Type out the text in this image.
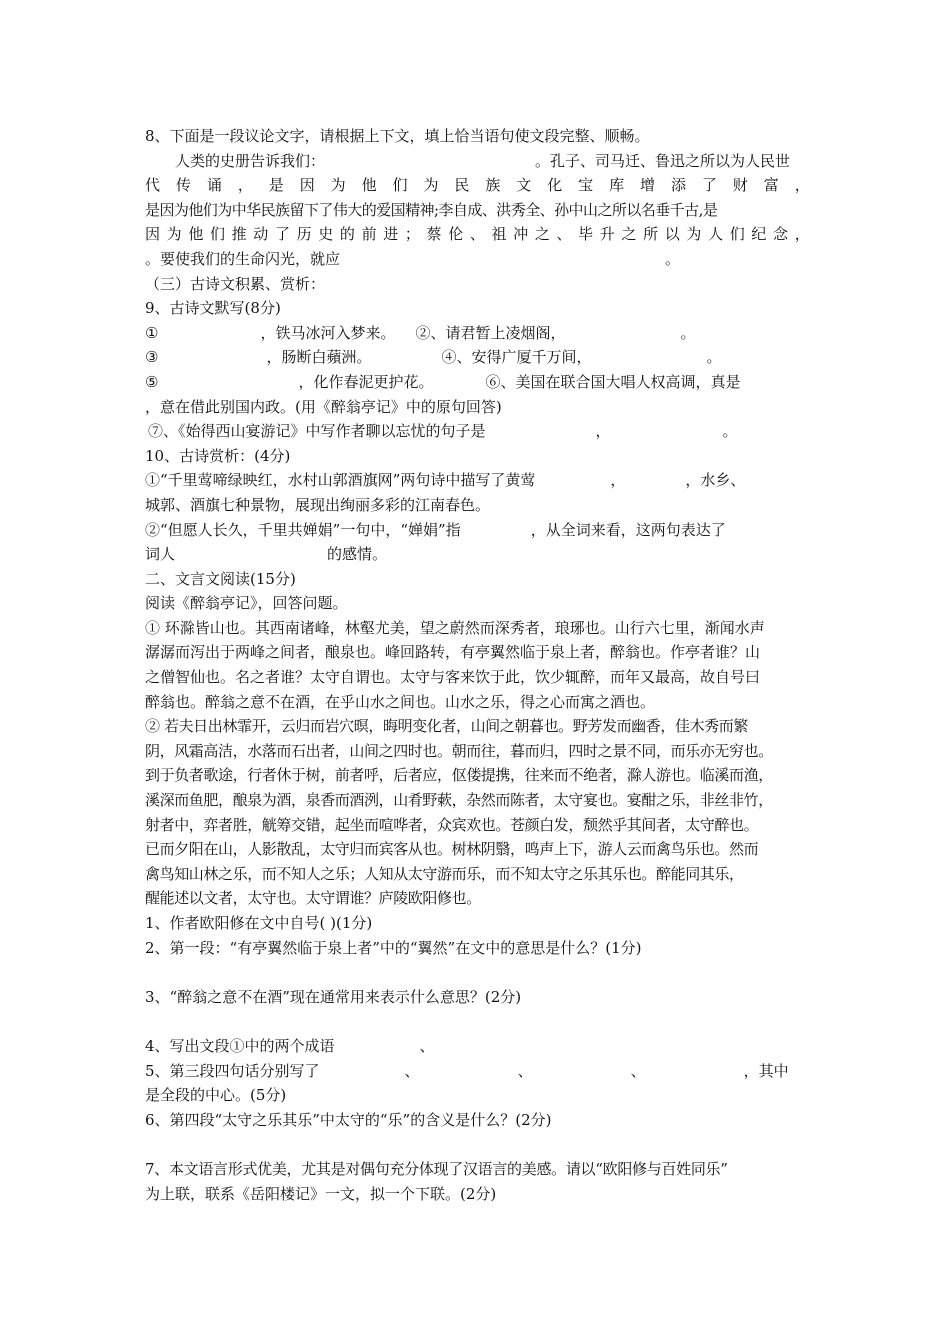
8、下面是一段议论文字，请根据上下文，填上恰当语句使文段完整、顺畅。
人类的史册告诉我们：	。孔子、司马迁、鲁迅之所以为人民世
代 传 诵 ， 是 因 为 他 们 为 民 族 文 化 宝 库 增 添 了 财 富 ，
是因为他们为中华民族留下了伟大的爱国精神;李自成、洪秀全、孙中山之所以名垂千古,是
因 为 他 们 推 动 了 历 史 的 前 进 ； 蔡 伦 、 祖 冲 之 、 毕 升 之 所 以 为 人 们 纪 念 ，
。要使我们的生命闪光，就应	。
（三）古诗文积累、赏析：
9、古诗文默写(8分)
①	，铁马冰河入梦来。 ②、请君暂上凌烟阁，	。
③	，肠断白蘋洲。	④、安得广厦千万间，	。
⑤	，化作春泥更护花。	⑥、美国在联合国大唱人权高调，真是
，意在借此别国内政。(用《醉翁亭记》中的原句回答)
⑦、《始得西山宴游记》中写作者聊以忘忧的句子是	，	。
10、古诗赏析：(4分)
①“千里莺啼绿映红，水村山郭酒旗网”两句诗中描写了黄莺	，	，水乡、
城郭、酒旗七种景物，展现出绚丽多彩的江南春色。
②“但愿人长久，千里共婵娟”一句中，“婵娟”指	，从全词来看，这两句表达了
词人	的感情。
二、文言文阅读(15分)
阅读《醉翁亭记》，回答问题。
① 环滁皆山也。其西南诸峰，林壑尤美，望之蔚然而深秀者，琅琊也。山行六七里，渐闻水声
潺潺而泻出于两峰之间者，酿泉也。峰回路转，有亭翼然临于泉上者，醉翁也。作亭者谁？山
之僧智仙也。名之者谁？太守自谓也。太守与客来饮于此，饮少辄醉，而年又最高，故自号曰
醉翁也。醉翁之意不在酒，在乎山水之间也。山水之乐，得之心而寓之酒也。
② 若夫日出林霏开，云归而岩穴暝，晦明变化者，山间之朝暮也。野芳发而幽香，佳木秀而繁
阴，风霜高洁，水落而石出者，山间之四时也。朝而往，暮而归，四时之景不同，而乐亦无穷也。
到于负者歌途，行者休于树，前者呼，后者应，伛偻提携，往来而不绝者，滁人游也。临溪而渔，
溪深而鱼肥，酿泉为酒，泉香而酒洌，山肴野蔌，杂然而陈者，太守宴也。宴酣之乐，非丝非竹，
射者中，弈者胜，觥筹交错，起坐而喧哗者，众宾欢也。苍颜白发，颓然乎其间者，太守醉也。
已而夕阳在山，人影散乱，太守归而宾客从也。树林阴翳，鸣声上下，游人云而禽鸟乐也。然而
禽鸟知山林之乐，而不知人之乐；人知从太守游而乐，而不知太守之乐其乐也。醉能同其乐，
醒能述以文者，太守也。太守谓谁？庐陵欧阳修也。
1、作者欧阳修在文中自号( )(1分)
2、第一段：“有亭翼然临于泉上者”中的“翼然”在文中的意思是什么？(1分)
3、“醉翁之意不在酒”现在通常用来表示什么意思？(2分)
4、写出文段①中的两个成语	、
5、第三段四句话分别写了	、	、	、	，其中
是全段的中心。(5分)
6、第四段“太守之乐其乐”中太守的“乐”的含义是什么？(2分)
7、本文语言形式优美，尤其是对偶句充分体现了汉语言的美感。请以“欧阳修与百姓同乐”
为上联，联系《岳阳楼记》一文，拟一个下联。(2分)
